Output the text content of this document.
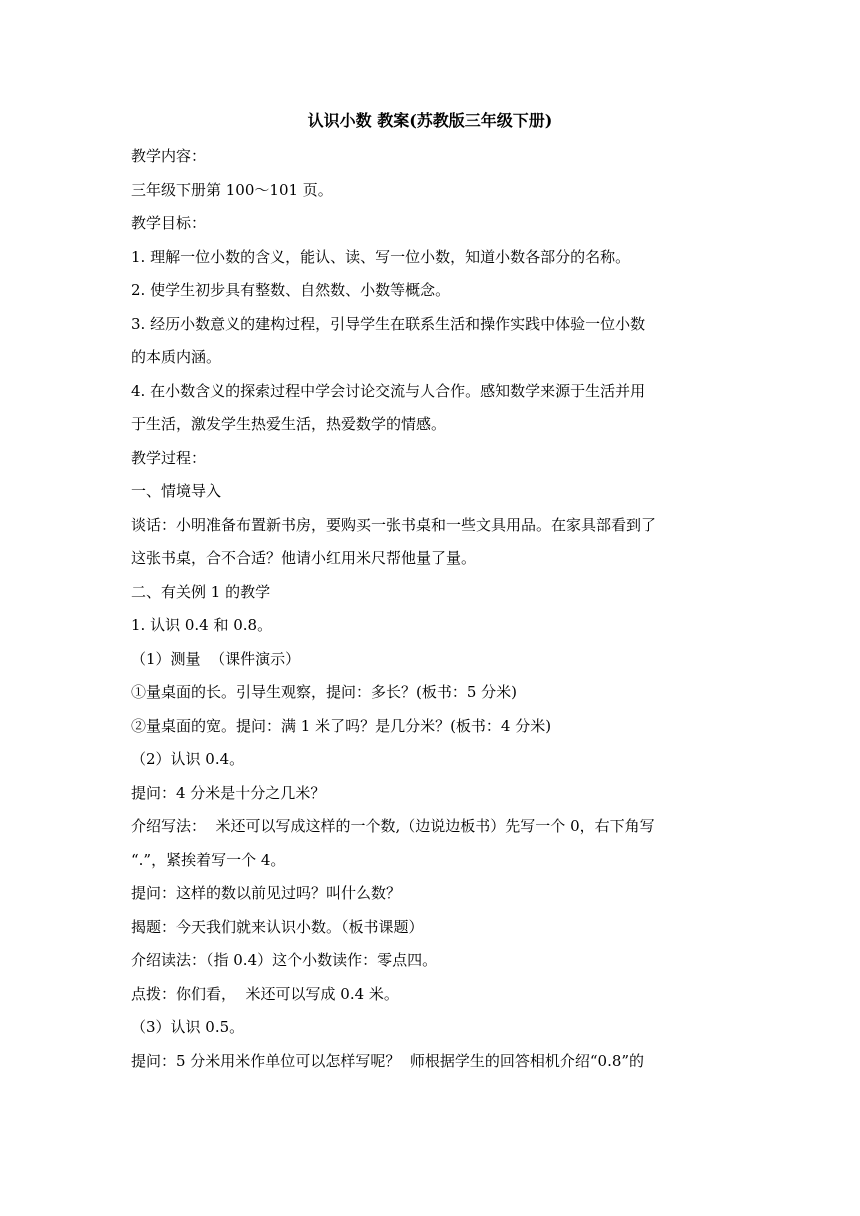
认识小数 教案(苏教版三年级下册)

教学内容：

三年级下册第 100～101 页。

教学目标：

1. 理解一位小数的含义，能认、读、写一位小数，知道小数各部分的名称。

2. 使学生初步具有整数、自然数、小数等概念。

3. 经历小数意义的建构过程，引导学生在联系生活和操作实践中体验一位小数

的本质内涵。

4. 在小数含义的探索过程中学会讨论交流与人合作。感知数学来源于生活并用

于生活，激发学生热爱生活，热爱数学的情感。

教学过程：

一、情境导入

谈话：小明准备布置新书房，要购买一张书桌和一些文具用品。在家具部看到了

这张书桌，合不合适？他请小红用米尺帮他量了量。

二、有关例 1 的教学

1. 认识 0.4 和 0.8。

（1）测量  （课件演示）

①量桌面的长。引导生观察，提问：多长？(板书：5 分米)

②量桌面的宽。提问：满 1 米了吗？是几分米？(板书：4 分米)

（2）认识 0.4。

提问：4 分米是十分之几米？

介绍写法：  米还可以写成这样的一个数,（边说边板书）先写一个 0，右下角写

“.”，紧挨着写一个 4。

提问：这样的数以前见过吗？叫什么数？

揭题：今天我们就来认识小数。（板书课题）

介绍读法：（指 0.4）这个小数读作：零点四。

点拨：你们看，  米还可以写成 0.4 米。

（3）认识 0.5。

提问：5 分米用米作单位可以怎样写呢？  师根据学生的回答相机介绍“0.8”的
